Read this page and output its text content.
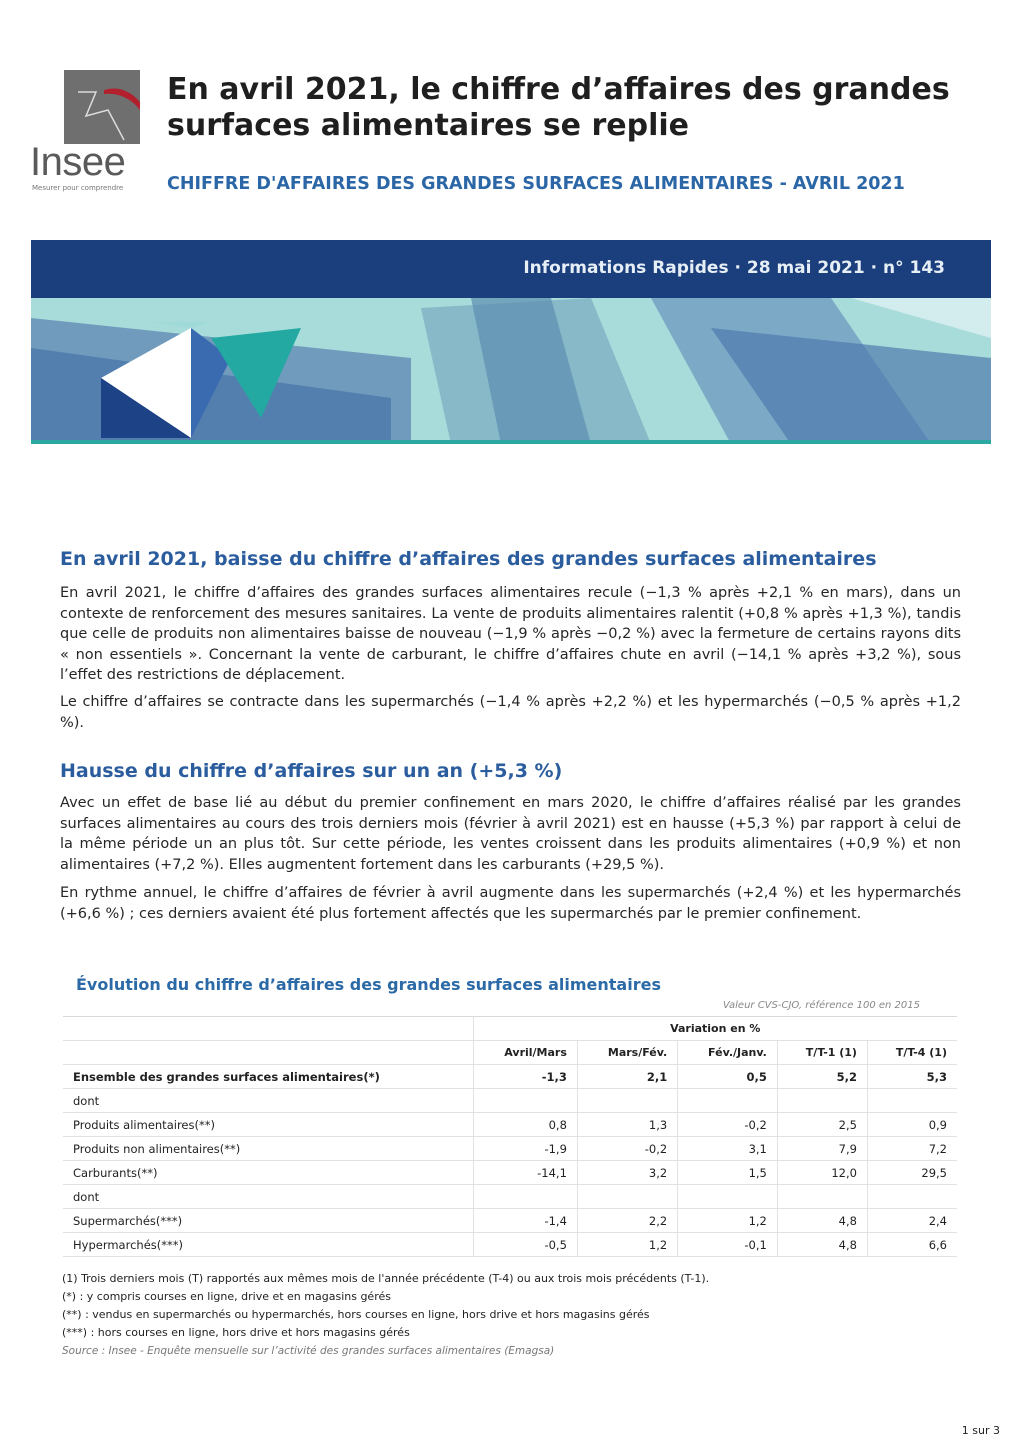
Insee
Mesurer pour comprendre
En avril 2021, le chiffre d’affaires des grandes surfaces alimentaires se replie
CHIFFRE D'AFFAIRES DES GRANDES SURFACES ALIMENTAIRES - AVRIL 2021
Informations Rapides · 28 mai 2021 · n° 143
En avril 2021, baisse du chiffre d’affaires des grandes surfaces alimentaires

En avril 2021, le chiffre d’affaires des grandes surfaces alimentaires recule (−1,3 % après +2,1 % en mars), dans un contexte de renforcement des mesures sanitaires. La vente de produits alimentaires ralentit (+0,8 % après +1,3 %), tandis que celle de produits non alimentaires baisse de nouveau (−1,9 % après −0,2 %) avec la fermeture de certains rayons dits « non essentiels ». Concernant la vente de carburant, le chiffre d’affaires chute en avril (−14,1 % après +3,2 %), sous l’effet des restrictions de déplacement.

Le chiffre d’affaires se contracte dans les supermarchés (−1,4 % après +2,2 %) et les hypermarchés (−0,5 % après +1,2 %).

Hausse du chiffre d’affaires sur un an (+5,3 %)

Avec un effet de base lié au début du premier confinement en mars 2020, le chiffre d’affaires réalisé par les grandes surfaces alimentaires au cours des trois derniers mois (février à avril 2021) est en hausse (+5,3 %) par rapport à celui de la même période un an plus tôt. Sur cette période, les ventes croissent dans les produits alimentaires (+0,9 %) et non alimentaires (+7,2 %). Elles augmentent fortement dans les carburants (+29,5 %).

En rythme annuel, le chiffre d’affaires de février à avril augmente dans les supermarchés (+2,4 %) et les hypermarchés (+6,6 %) ; ces derniers avaient été plus fortement affectés que les supermarchés par le premier confinement.

Évolution du chiffre d’affaires des grandes surfaces alimentaires
Valeur CVS-CJO, référence 100 en 2015
	Variation en %				
	Avril/Mars	Mars/Fév.	Fév./Janv.	T/T-1 (1)	T/T-4 (1)
Ensemble des grandes surfaces alimentaires(*)	-1,3	2,1	0,5	5,2	5,3
dont					
Produits alimentaires(**)	0,8	1,3	-0,2	2,5	0,9
Produits non alimentaires(**)	-1,9	-0,2	3,1	7,9	7,2
Carburants(**)	-14,1	3,2	1,5	12,0	29,5
dont					
Supermarchés(***)	-1,4	2,2	1,2	4,8	2,4
Hypermarchés(***)	-0,5	1,2	-0,1	4,8	6,6
(1) Trois derniers mois (T) rapportés aux mêmes mois de l'année précédente (T-4) ou aux trois mois précédents (T-1).
(*) : y compris courses en ligne, drive et en magasins gérés
(**) : vendus en supermarchés ou hypermarchés, hors courses en ligne, hors drive et hors magasins gérés
(***) : hors courses en ligne, hors drive et hors magasins gérés
Source : Insee - Enquête mensuelle sur l’activité des grandes surfaces alimentaires (Emagsa)
1 sur 3
